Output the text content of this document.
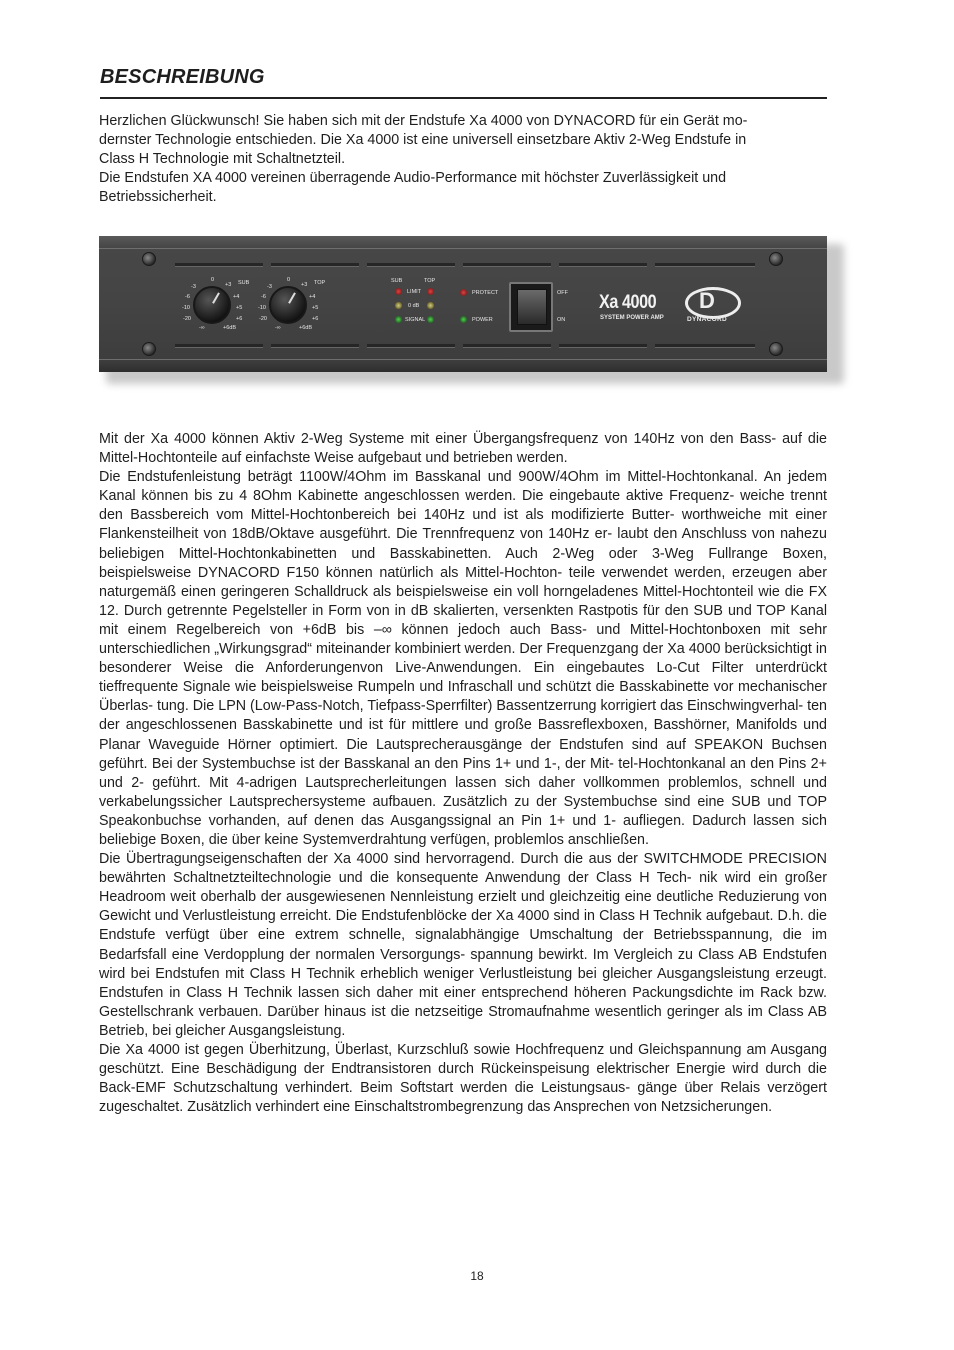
BESCHREIBUNG

Herzlichen Glückwunsch! Sie haben sich mit der Endstufe Xa 4000 von DYNACORD für ein Gerät mo-

dernster Technologie entschieden. Die Xa 4000 ist eine universell einsetzbare Aktiv 2-Weg Endstufe in

Class H Technologie mit Schaltnetzteil.

Die Endstufen XA 4000 vereinen überragende Audio-Performance mit höchster Zuverlässigkeit und

Betriebssicherheit.

SUB
0
-3	+3
-6	+4
-10	+5
-20	+6
-∞	+6dB
TOP
0
-3	+3
-6	+4
-10	+5
-20	+6
-∞	+6dB
SUB	TOP
LIMIT
0 dB
SIGNAL
PROTECT
POWER
OFF
ON
Xa 4000
SYSTEM POWER AMP
D
DYNACORD

Mit der Xa 4000 können Aktiv 2-Weg Systeme mit einer Übergangsfrequenz von 140Hz von den Bass- auf die Mittel-Hochtonteile auf einfachste Weise aufgebaut und betrieben werden.

Die Endstufenleistung beträgt 1100W/4Ohm im Basskanal und 900W/4Ohm im Mittel-Hochtonkanal. An jedem Kanal können bis zu 4 8Ohm Kabinette angeschlossen werden. Die eingebaute aktive Frequenz- weiche trennt den Bassbereich vom Mittel-Hochtonbereich bei 140Hz und ist als modifizierte Butter- worthweiche mit einer Flankensteilheit von 18dB/Oktave ausgeführt. Die Trennfrequenz von 140Hz er- laubt den Anschluss von nahezu beliebigen Mittel-Hochtonkabinetten und Basskabinetten. Auch 2-Weg oder 3-Weg Fullrange Boxen, beispielsweise DYNACORD F150 können natürlich als Mittel-Hochton- teile verwendet werden, erzeugen aber naturgemäß einen geringeren Schalldruck als beispielsweise ein voll horngeladenes Mittel-Hochtonteil wie die FX 12. Durch getrennte Pegelsteller in Form von in dB skalierten, versenkten Rastpotis für den SUB und TOP Kanal mit einem Regelbereich von +6dB bis –∞ können jedoch auch Bass- und Mittel-Hochtonboxen mit sehr unterschiedlichen „Wirkungsgrad“ miteinander kombiniert werden. Der Frequenzgang der Xa 4000 berücksichtigt in besonderer Weise die Anforderungenvon Live-Anwendungen. Ein eingebautes Lo-Cut Filter unterdrückt tieffrequente Signale wie beispielsweise Rumpeln und Infraschall und schützt die Basskabinette vor mechanischer Überlas- tung. Die LPN (Low-Pass-Notch, Tiefpass-Sperrfilter) Bassentzerrung korrigiert das Einschwingverhal- ten der angeschlossenen Basskabinette und ist für mittlere und große Bassreflexboxen, Basshörner, Manifolds und Planar Waveguide Hörner optimiert. Die Lautsprecherausgänge der Endstufen sind auf SPEAKON Buchsen geführt. Bei der Systembuchse ist der Basskanal an den Pins 1+ und 1-, der Mit- tel-Hochtonkanal an den Pins 2+ und 2- geführt. Mit 4-adrigen Lautsprecherleitungen lassen sich daher vollkommen problemlos, schnell und verkabelungssicher Lautsprechersysteme aufbauen. Zusätzlich zu der Systembuchse sind eine SUB und TOP Speakonbuchse vorhanden, auf denen das Ausgangssignal an Pin 1+ und 1- aufliegen. Dadurch lassen sich beliebige Boxen, die über keine Systemverdrahtung verfügen, problemlos anschließen.

Die Übertragungseigenschaften der Xa 4000 sind hervorragend. Durch die aus der SWITCHMODE PRECISION bewährten Schaltnetzteiltechnologie und die konsequente Anwendung der Class H Tech- nik wird ein großer Headroom weit oberhalb der ausgewiesenen Nennleistung erzielt und gleichzeitig eine deutliche Reduzierung von Gewicht und Verlustleistung erreicht. Die Endstufenblöcke der Xa 4000 sind in Class H Technik aufgebaut. D.h. die Endstufe verfügt über eine extrem schnelle, signalabhängige Umschaltung der Betriebsspannung, die im Bedarfsfall eine Verdopplung der normalen Versorgungs- spannung bewirkt. Im Vergleich zu Class AB Endstufen wird bei Endstufen mit Class H Technik erheblich weniger Verlustleistung bei gleicher Ausgangsleistung erzeugt. Endstufen in Class H Technik lassen sich daher mit einer entsprechend höheren Packungsdichte im Rack bzw. Gestellschrank verbauen. Darüber hinaus ist die netzseitige Stromaufnahme wesentlich geringer als im Class AB Betrieb, bei gleicher Ausgangsleistung.

Die Xa 4000 ist gegen Überhitzung, Überlast, Kurzschluß sowie Hochfrequenz und Gleichspannung am Ausgang geschützt. Eine Beschädigung der Endtransistoren durch Rückeinspeisung elektrischer Energie wird durch die Back-EMF Schutzschaltung verhindert. Beim Softstart werden die Leistungsaus- gänge über Relais verzögert zugeschaltet. Zusätzlich verhindert eine Einschaltstrombegrenzung das Ansprechen von Netzsicherungen.

18
